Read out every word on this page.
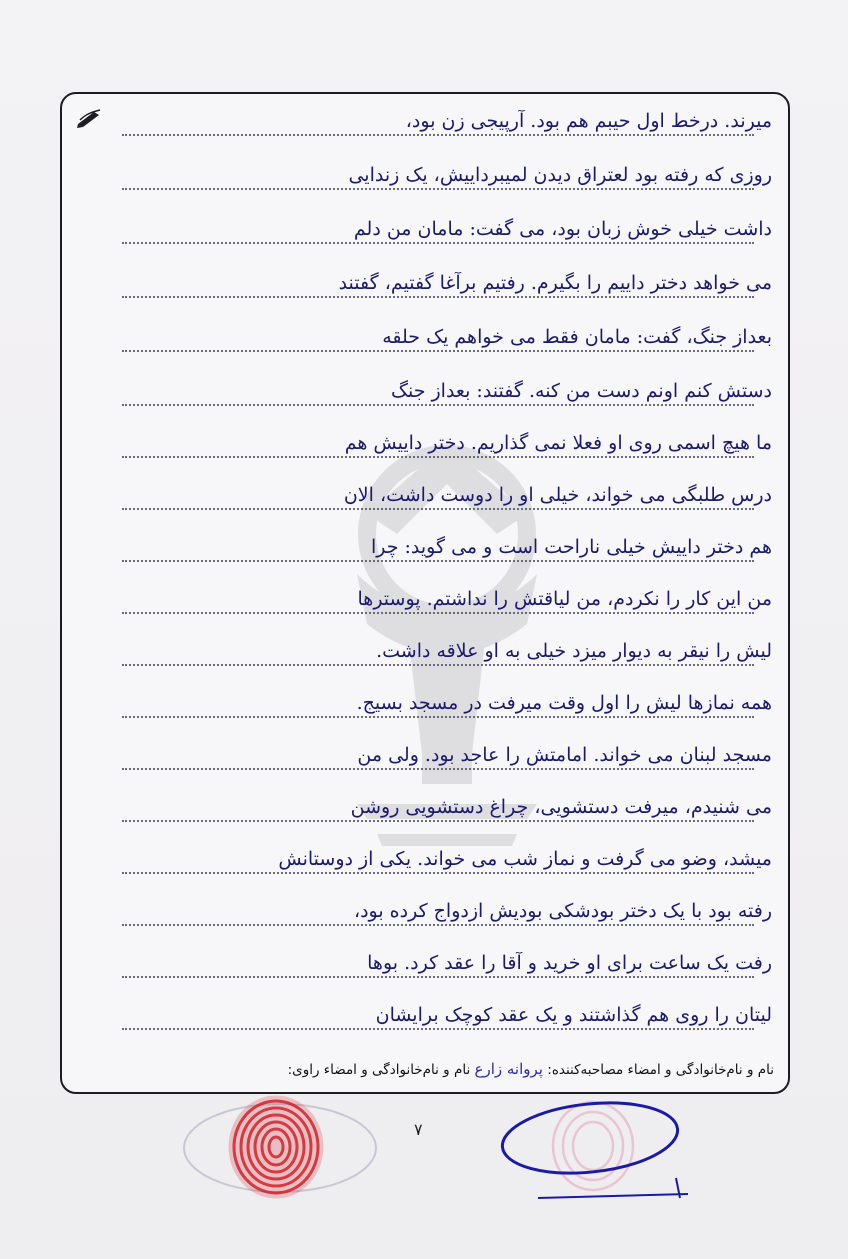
میرند. درخط اول حیبم هم بود. آرپیجی زن بود،
روزی که رفته بود لعتراق دیدن لمیبرداییش، یک زندایی
داشت خیلی خوش زبان بود، می گفت: مامان من دلم
می خواهد دختر داییم را بگیرم. رفتیم برآغا گفتیم، گفتند
بعداز جنگ، گفت: مامان فقط می خواهم یک حلقه
دستش کنم اونم دست من کنه. گفتند: بعداز جنگ
ما هیچ اسمی روی او فعلا نمی گذاریم. دختر داییش هم
درس طلبگی می خواند، خیلی او را دوست داشت، الان
هم دختر داییش خیلی ناراحت است و می گوید: چرا
من این کار را نکردم، من لیاقتش را نداشتم. پوسترها
لیش را نیقر به دیوار میزد خیلی به او علاقه داشت.
همه نمازها لیش را اول وقت میرفت در مسجد بسیج.
مسجد لبنان می خواند. امامتش را عاجد بود. ولی من
می شنیدم، میرفت دستشویی، چراغ دستشویی روشن
میشد، وضو می گرفت و نماز شب می خواند. یکی از دوستانش
رفته بود با یک دختر بودشکی بودیش ازدواج کرده بود،
رفت یک ساعت برای او خرید و آقا را عقد کرد. بوها
لیتان را روی هم گذاشتند و یک عقد کوچک برایشان
نام و نام‌خانوادگی و امضاء مصاحبه‌کننده: پروانه زارع نام و نام‌خانوادگی و امضاء راوی:
۷
